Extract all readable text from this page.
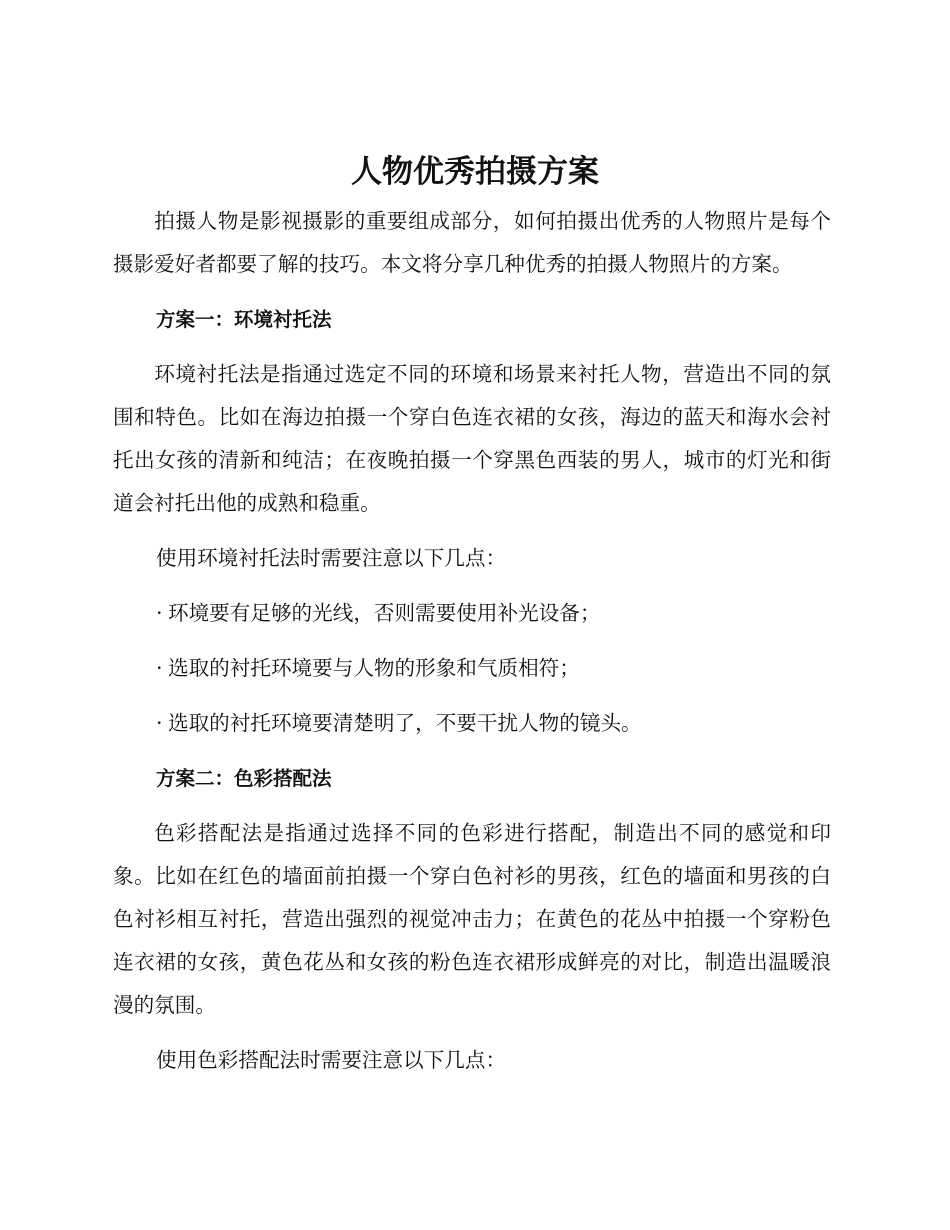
人物优秀拍摄方案

拍摄人物是影视摄影的重要组成部分，如何拍摄出优秀的人物照片是每个摄影爱好者都要了解的技巧。本文将分享几种优秀的拍摄人物照片的方案。

方案一：环境衬托法

环境衬托法是指通过选定不同的环境和场景来衬托人物，营造出不同的氛围和特色。比如在海边拍摄一个穿白色连衣裙的女孩，海边的蓝天和海水会衬托出女孩的清新和纯洁；在夜晚拍摄一个穿黑色西装的男人，城市的灯光和街道会衬托出他的成熟和稳重。

使用环境衬托法时需要注意以下几点：

· 环境要有足够的光线，否则需要使用补光设备；

· 选取的衬托环境要与人物的形象和气质相符；

· 选取的衬托环境要清楚明了，不要干扰人物的镜头。

方案二：色彩搭配法

色彩搭配法是指通过选择不同的色彩进行搭配，制造出不同的感觉和印象。比如在红色的墙面前拍摄一个穿白色衬衫的男孩，红色的墙面和男孩的白色衬衫相互衬托，营造出强烈的视觉冲击力；在黄色的花丛中拍摄一个穿粉色连衣裙的女孩，黄色花丛和女孩的粉色连衣裙形成鲜亮的对比，制造出温暖浪漫的氛围。

使用色彩搭配法时需要注意以下几点：
